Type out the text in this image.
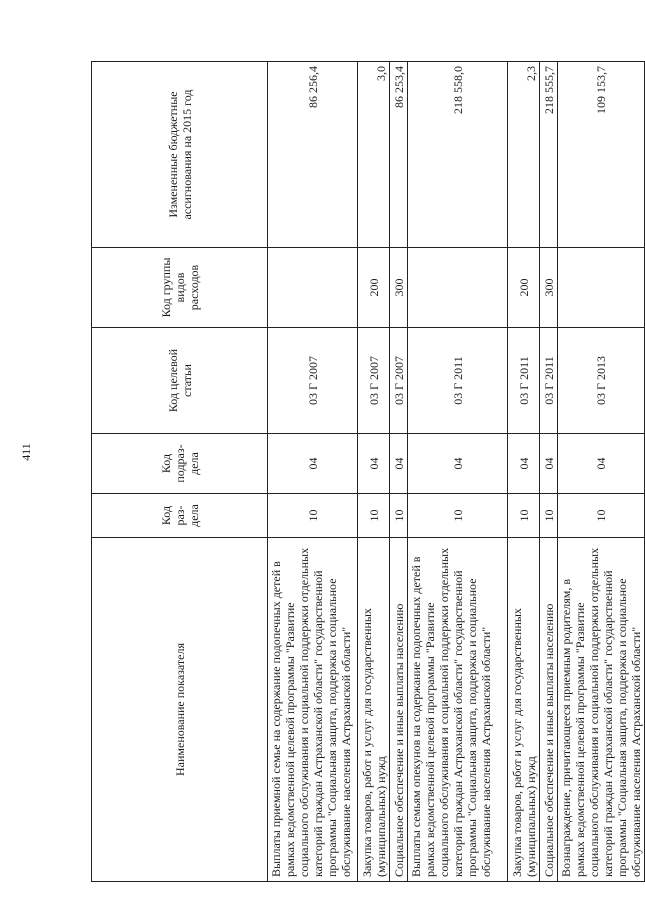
411
Наименование показателя	Код раз-дела	Код подраз-дела	Код целевой статьи	Код группы видов расходов	Измененные бюджетные ассигнования на 2015 год
Выплаты приемной семье на содержание подопечных детей в рамках ведомственной целевой программы "Развитие социального обслуживания и социальной поддержки отдельных категорий граждан Астраханской области" государственной программы "Социальная защита, поддержка и социальное обслуживание населения Астраханской области"	10	04	03 Г 2007		86 256,4
Закупка товаров, работ и услуг для государственных (муниципальных) нужд	10	04	03 Г 2007	200	3,0
Социальное обеспечение и иные выплаты населению	10	04	03 Г 2007	300	86 253,4
Выплаты семьям опекунов на содержание подопечных детей в рамках ведомственной целевой программы "Развитие социального обслуживания и социальной поддержки отдельных категорий граждан Астраханской области" государственной программы "Социальная защита, поддержка и социальное обслуживание населения Астраханской области"	10	04	03 Г 2011		218 558,0
Закупка товаров, работ и услуг для государственных (муниципальных) нужд	10	04	03 Г 2011	200	2,3
Социальное обеспечение и иные выплаты населению	10	04	03 Г 2011	300	218 555,7
Вознаграждение, причитающееся приемным родителям, в рамках ведомственной целевой программы "Развитие социального обслуживания и социальной поддержки отдельных категорий граждан Астраханской области" государственной программы "Социальная защита, поддержка и социальное обслуживание населения Астраханской области"	10	04	03 Г 2013		109 153,7
